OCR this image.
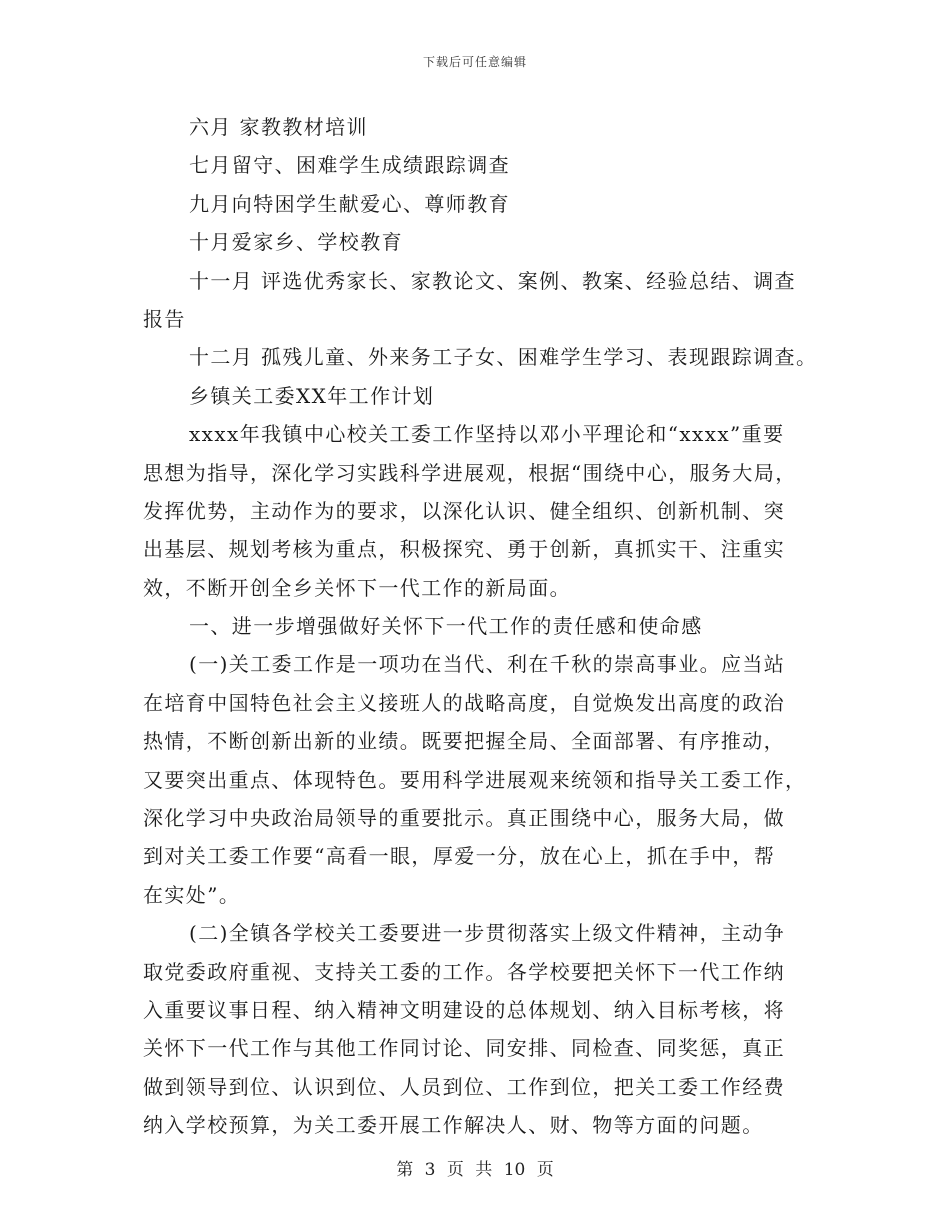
下载后可任意编辑
六月 家教教材培训
七月留守、困难学生成绩跟踪调查
九月向特困学生献爱心、尊师教育
十月爱家乡、学校教育
十一月 评选优秀家长、家教论文、案例、教案、经验总结、调查
报告
十二月 孤残儿童、外来务工子女、困难学生学习、表现跟踪调查。
乡镇关工委XX年工作计划
xxxx年我镇中心校关工委工作坚持以邓小平理论和“xxxx”重要
思想为指导，深化学习实践科学进展观，根据“围绕中心，服务大局，
发挥优势，主动作为的要求，以深化认识、健全组织、创新机制、突
出基层、规划考核为重点，积极探究、勇于创新，真抓实干、注重实
效，不断开创全乡关怀下一代工作的新局面。
一、进一步增强做好关怀下一代工作的责任感和使命感
(一)关工委工作是一项功在当代、利在千秋的崇高事业。应当站
在培育中国特色社会主义接班人的战略高度，自觉焕发出高度的政治
热情，不断创新出新的业绩。既要把握全局、全面部署、有序推动，
又要突出重点、体现特色。要用科学进展观来统领和指导关工委工作，
深化学习中央政治局领导的重要批示。真正围绕中心，服务大局，做
到对关工委工作要“高看一眼，厚爱一分，放在心上，抓在手中，帮
在实处”。
(二)全镇各学校关工委要进一步贯彻落实上级文件精神，主动争
取党委政府重视、支持关工委的工作。各学校要把关怀下一代工作纳
入重要议事日程、纳入精神文明建设的总体规划、纳入目标考核，将
关怀下一代工作与其他工作同讨论、同安排、同检查、同奖惩，真正
做到领导到位、认识到位、人员到位、工作到位，把关工委工作经费
纳入学校预算，为关工委开展工作解决人、财、物等方面的问题。
第 3 页 共 10 页
